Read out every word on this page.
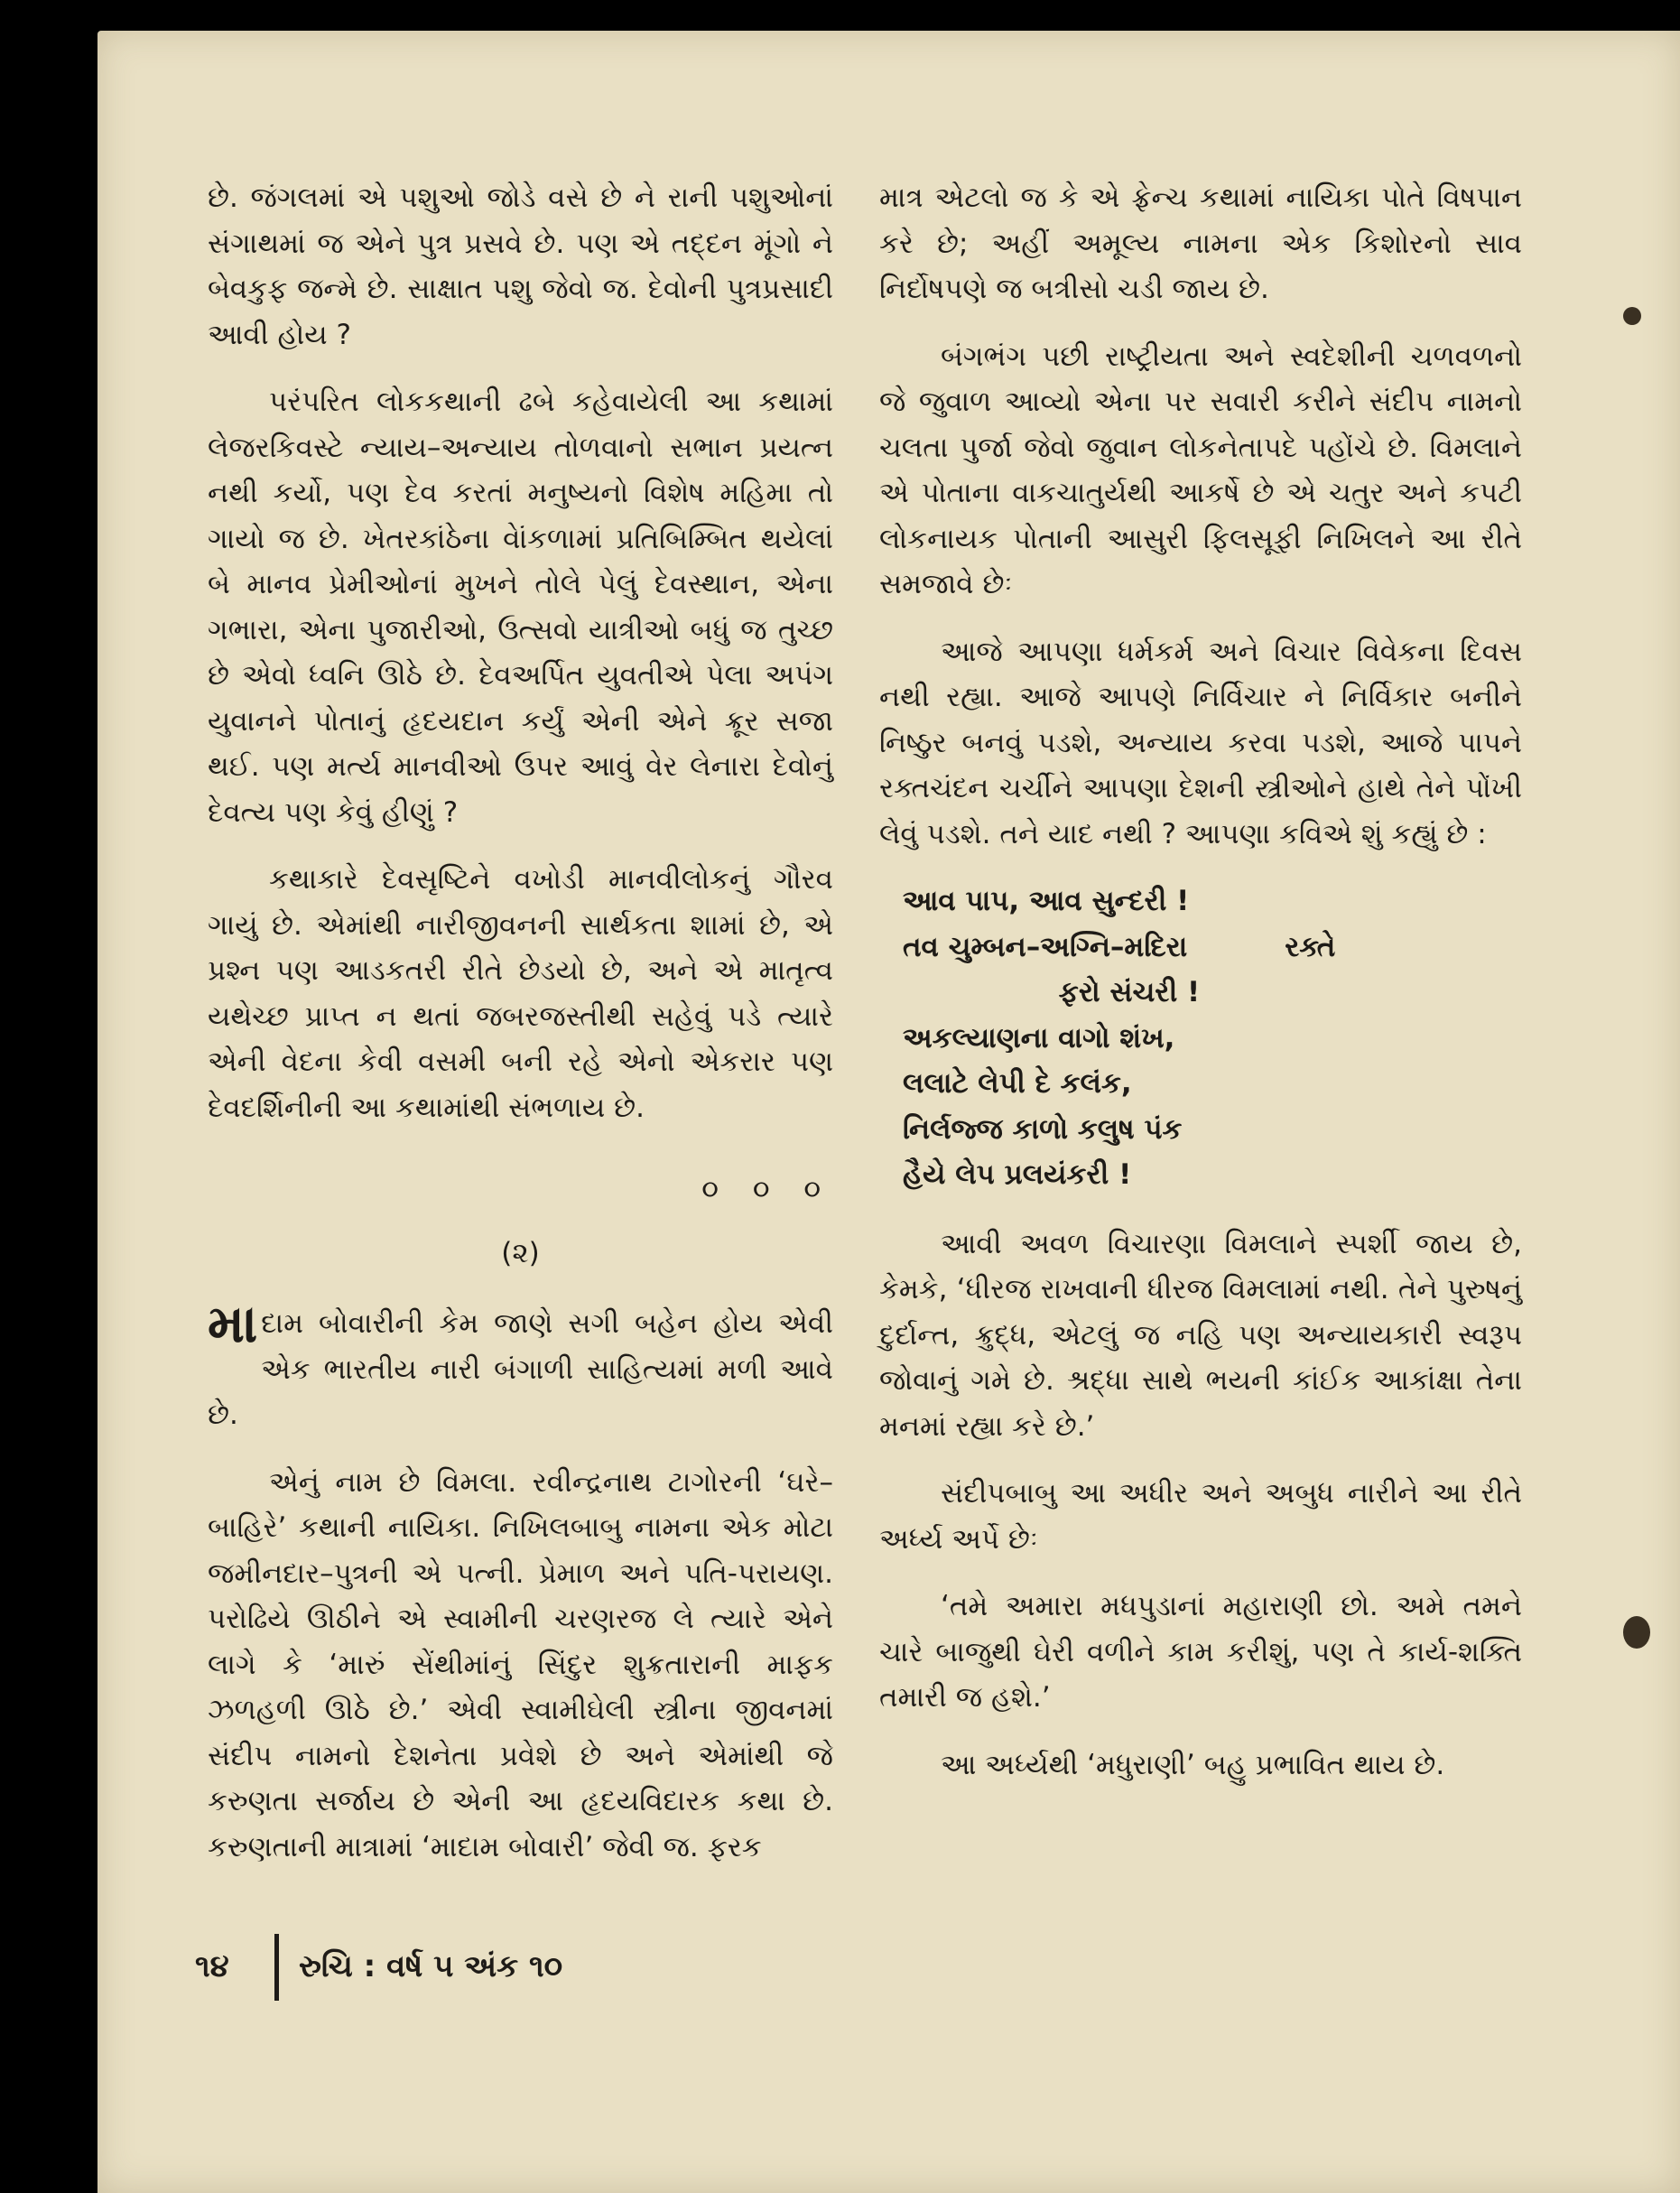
છે. જંગલમાં એ પશુઓ જોડે વસે છે ને રાની પશુઓનાં સંગાથમાં જ એને પુત્ર પ્રસવે છે. પણ એ તદ્દન મૂંગો ને બેવકુફ જન્મે છે. સાક્ષાત પશુ જેવો જ. દેવોની પુત્રપ્રસાદી આવી હોય ?

પરંપરિત લોકકથાની ઢબે કહેવાયેલી આ કથામાં લેજરકિવસ્ટે ન્યાય–અન્યાય તોળવાનો સભાન પ્રયત્ન નથી કર્યો, પણ દેવ કરતાં મનુષ્યનો વિશેષ મહિમા તો ગાયો જ છે. ખેતરકાંઠેના વેાંકળામાં પ્રતિબિમ્બિત થયેલાં બે માનવ પ્રેમીઓનાં મુખને તોલે પેલું દેવસ્થાન, એના ગભારા, એના પુજારીઓ, ઉત્સવો યાત્રીઓ બધું જ તુચ્છ છે એવો ધ્વનિ ઊઠે છે. દેવઅર્પિત યુવતીએ પેલા અપંગ યુવાનને પોતાનું હૃદયદાન કર્યું એની એને ક્રૂર સજા થઈ. પણ મર્ત્ય માનવીઓ ઉપર આવું વેર લેનારા દેવોનું દેવત્ય પણ કેવું હીણું ?

કથાકારે દેવસૃષ્ટિને વખોડી માનવીલોકનું ગૌરવ ગાયું છે. એમાંથી નારીજીવનની સાર્થકતા શામાં છે, એ પ્રશ્ન પણ આડકતરી રીતે છેડયો છે, અને એ માતૃત્વ યથેચ્છ પ્રાપ્ત ન થતાં જબરજસ્તીથી સહેવું પડે ત્યારે એની વેદના કેવી વસમી બની રહે એનો એકરાર પણ દેવદર્શિનીની આ કથામાંથી સંભળાય છે.

૦ ૦ ૦

(૨)

માદામ બોવારીની કેમ જાણે સગી બહેન હોય એવી એક ભારતીય નારી બંગાળી સાહિત્યમાં મળી આવે છે.

એનું નામ છે વિમલા. રવીન્દ્રનાથ ટાગોરની ‘ઘરે–બાહિરે’ કથાની નાયિકા. નિખિલબાબુ નામના એક મોટા જમીનદાર–પુત્રની એ પત્ની. પ્રેમાળ અને પતિ-પરાયણ. પરોઢિયે ઊઠીને એ સ્વામીની ચરણરજ લે ત્યારે એને લાગે કે ‘મારું સેંથીમાંનું સિંદુર શુક્રતારાની માફક ઝળહળી ઊઠે છે.’ એવી સ્વામીઘેલી સ્ત્રીના જીવનમાં સંદીપ નામનો દેશનેતા પ્રવેશે છે અને એમાંથી જે કરુણતા સર્જાય છે એની આ હૃદયવિદારક કથા છે. કરુણતાની માત્રામાં ‘માદામ બોવારી’ જેવી જ. ફરક

માત્ર એટલો જ કે એ ફ્રેન્ચ કથામાં નાયિકા પોતે વિષપાન કરે છે; અહીં અમૂલ્ય નામના એક કિશોરનો સાવ નિર્દોષપણે જ બત્રીસો ચડી જાય છે.

બંગભંગ પછી રાષ્ટ્રીયતા અને સ્વદેશીની ચળવળનો જે જુવાળ આવ્યો એના પર સવારી કરીને સંદીપ નામનો ચલતા પુર્જા જેવો જુવાન લોકનેતાપદે પહોંચે છે. વિમલાને એ પોતાના વાકચાતુર્યથી આકર્ષે છે એ ચતુર અને કપટી લોકનાયક પોતાની આસુરી ફિલસૂફી નિખિલને આ રીતે સમજાવે છેઃ

આજે આપણા ધર્મકર્મ અને વિચાર વિવેકના દિવસ નથી રહ્યા. આજે આપણે નિર્વિચાર ને નિર્વિકાર બનીને નિષ્ઠુર બનવું પડશે, અન્યાય કરવા પડશે, આજે પાપને રક્તચંદન ચર્ચીને આપણા દેશની સ્ત્રીઓને હાથે તેને પોંખી લેવું પડશે. તને યાદ નથી ? આપણા કવિએ શું કહ્યું છે :

આવ પાપ, આવ સુન્દરી !
તવ ચુમ્બન–અગ્નિ–મદિરા          રક્તે
ફરો સંચરી !
અકલ્યાણના વાગો શંખ,
લલાટે લેપી દે કલંક,
નિર્લજ્જ કાળો કલુષ પંક
હૈયે લેપ પ્રલયંકરી !

આવી અવળ વિચારણા વિમલાને સ્પર્શી જાય છે, કેમકે, ‘ધીરજ રાખવાની ધીરજ વિમલામાં નથી. તેને પુરુષનું દુર્દાન્ત, ક્રુદ્ધ, એટલું જ નહિ પણ અન્યાયકારી સ્વરૂપ જોવાનું ગમે છે. શ્રદ્ધા સાથે ભયની કાંઈક આકાંક્ષા તેના મનમાં રહ્યા કરે છે.’

સંદીપબાબુ આ અધીર અને અબુધ નારીને આ રીતે અર્ધ્ય અર્પે છેઃ

‘તમે અમારા મધપુડાનાં મહારાણી છો. અમે તમને ચારે બાજુથી ઘેરી વળીને કામ કરીશું, પણ તે કાર્ય-શક્તિ તમારી જ હશે.’

આ અર્ધ્યથી ‘મધુરાણી’ બહુ પ્રભાવિત થાય છે.

૧૪ રુચિ : વર્ષ ૫ અંક ૧૦
